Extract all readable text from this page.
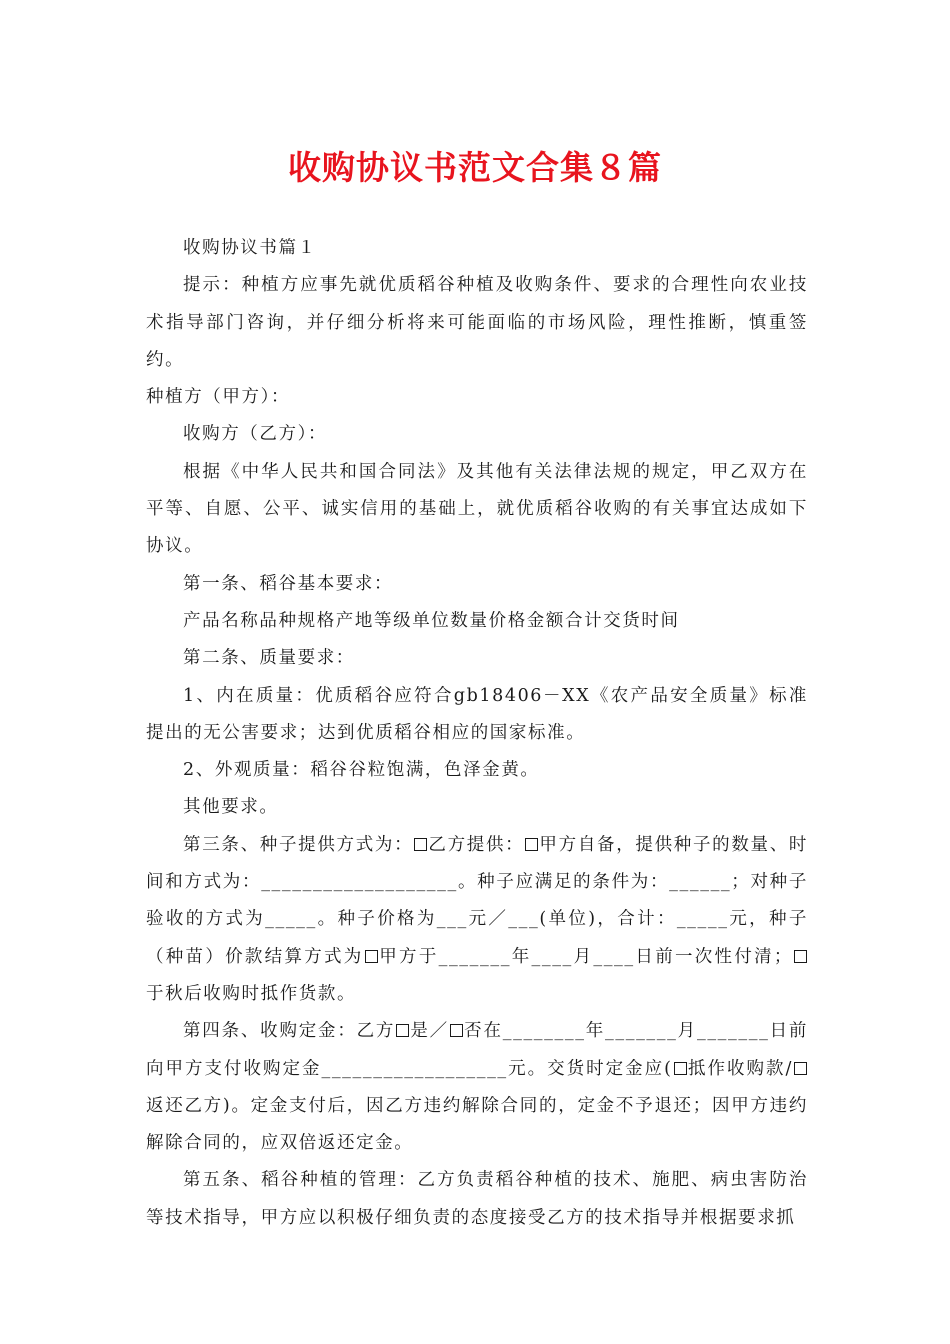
收购协议书范文合集８篇

收购协议书篇１

提示：种植方应事先就优质稻谷种植及收购条件、要求的合理性向农业技术指导部门咨询，并仔细分析将来可能面临的市场风险，理性推断，慎重签约。

种植方（甲方）：

收购方（乙方）：

根据《中华人民共和国合同法》及其他有关法律法规的规定，甲乙双方在平等、自愿、公平、诚实信用的基础上，就优质稻谷收购的有关事宜达成如下协议。

第一条、稻谷基本要求：

产品名称品种规格产地等级单位数量价格金额合计交货时间

第二条、质量要求：

1、内在质量：优质稻谷应符合gb18406－XX《农产品安全质量》标准提出的无公害要求；达到优质稻谷相应的国家标准。

2、外观质量：稻谷谷粒饱满，色泽金黄。

其他要求。

第三条、种子提供方式为： 乙方提供： 甲方自备，提供种子的数量、时间和方式为：___________________。种子应满足的条件为：______；对种子验收的方式为_____。种子价格为___元／___(单位)，合计：_____元，种子（种苗）价款结算方式为 甲方于_______年____月____日前一次性付清；于秋后收购时抵作货款。

第四条、收购定金：乙方 是／ 否在________年_______月_______日前向甲方支付收购定金__________________元。交货时定金应( 抵作收购款/返还乙方)。定金支付后，因乙方违约解除合同的，定金不予退还；因甲方违约解除合同的，应双倍返还定金。

第五条、稻谷种植的管理：乙方负责稻谷种植的技术、施肥、病虫害防治等技术指导，甲方应以积极仔细负责的态度接受乙方的技术指导并根据要求抓
